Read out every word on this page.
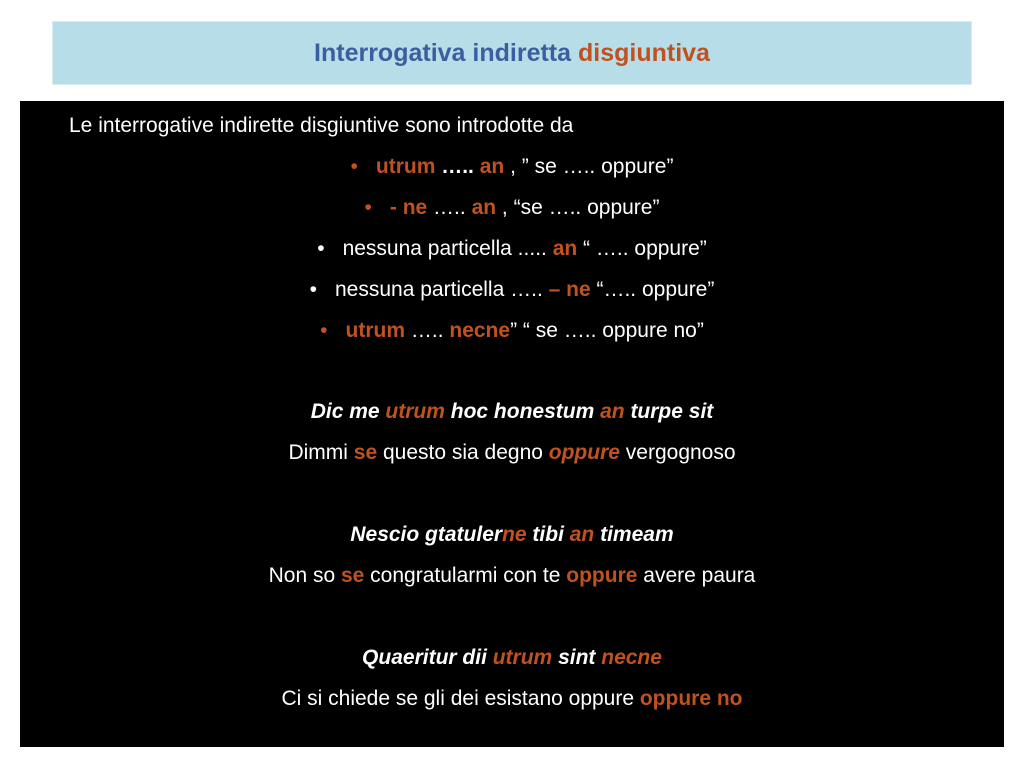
Interrogativa indiretta disgiuntiva
Le interrogative indirette disgiuntive sono introdotte da
• utrum ….. an , ” se ….. oppure”
• - ne ….. an , “se ….. oppure”
• nessuna particella ..... an “ ….. oppure”
• nessuna particella ….. – ne “….. oppure”
• utrum ….. necne” “ se ….. oppure no”
Dic me utrum hoc honestum an turpe sit
Dimmi se questo sia degno oppure vergognoso
Nescio gtatulerne tibi an timeam
Non so se congratularmi con te oppure avere paura
Quaeritur dii utrum sint necne
Ci si chiede se gli dei esistano oppure oppure no
